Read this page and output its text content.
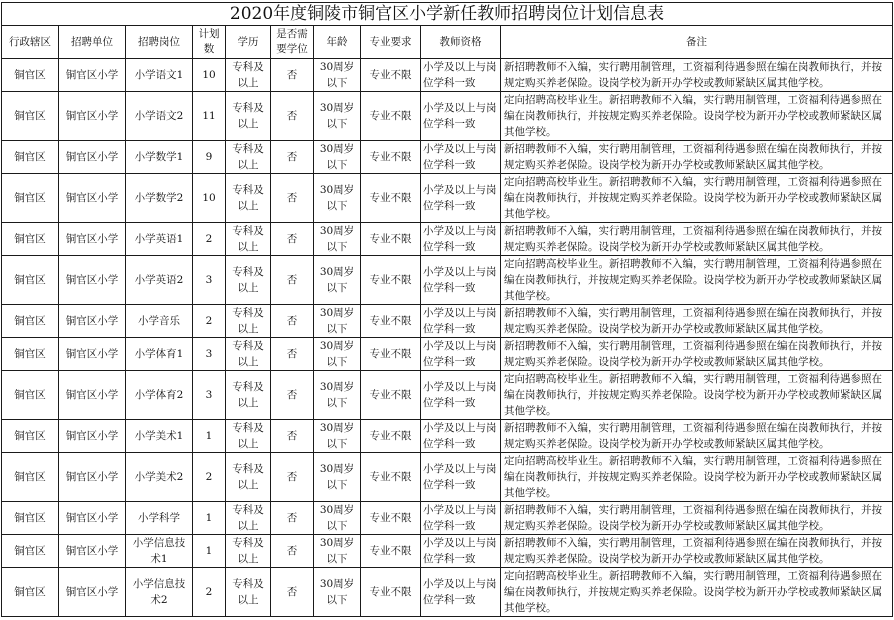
2020年度铜陵市铜官区小学新任教师招聘岗位计划信息表									
行政辖区	招聘单位	招聘岗位	计划数	学历	是否需要学位	年龄	专业要求	教师资格	备注
铜官区	铜官区小学	小学语文1	10	专科及以上	否	30周岁以下	专业不限	小学及以上与岗位学科一致	新招聘教师不入编，实行聘用制管理，工资福利待遇参照在编在岗教师执行，并按规定购买养老保险。设岗学校为新开办学校或教师紧缺区属其他学校。
铜官区	铜官区小学	小学语文2	11	专科及以上	否	30周岁以下	专业不限	小学及以上与岗位学科一致	定向招聘高校毕业生。新招聘教师不入编，实行聘用制管理，工资福利待遇参照在编在岗教师执行，并按规定购买养老保险。设岗学校为新开办学校或教师紧缺区属其他学校。
铜官区	铜官区小学	小学数学1	9	专科及以上	否	30周岁以下	专业不限	小学及以上与岗位学科一致	新招聘教师不入编，实行聘用制管理，工资福利待遇参照在编在岗教师执行，并按规定购买养老保险。设岗学校为新开办学校或教师紧缺区属其他学校。
铜官区	铜官区小学	小学数学2	10	专科及以上	否	30周岁以下	专业不限	小学及以上与岗位学科一致	定向招聘高校毕业生。新招聘教师不入编，实行聘用制管理，工资福利待遇参照在编在岗教师执行，并按规定购买养老保险。设岗学校为新开办学校或教师紧缺区属其他学校。
铜官区	铜官区小学	小学英语1	2	专科及以上	否	30周岁以下	专业不限	小学及以上与岗位学科一致	新招聘教师不入编，实行聘用制管理，工资福利待遇参照在编在岗教师执行，并按规定购买养老保险。设岗学校为新开办学校或教师紧缺区属其他学校。
铜官区	铜官区小学	小学英语2	3	专科及以上	否	30周岁以下	专业不限	小学及以上与岗位学科一致	定向招聘高校毕业生。新招聘教师不入编，实行聘用制管理，工资福利待遇参照在编在岗教师执行，并按规定购买养老保险。设岗学校为新开办学校或教师紧缺区属其他学校。
铜官区	铜官区小学	小学音乐	2	专科及以上	否	30周岁以下	专业不限	小学及以上与岗位学科一致	新招聘教师不入编，实行聘用制管理，工资福利待遇参照在编在岗教师执行，并按规定购买养老保险。设岗学校为新开办学校或教师紧缺区属其他学校。
铜官区	铜官区小学	小学体育1	3	专科及以上	否	30周岁以下	专业不限	小学及以上与岗位学科一致	新招聘教师不入编，实行聘用制管理，工资福利待遇参照在编在岗教师执行，并按规定购买养老保险。设岗学校为新开办学校或教师紧缺区属其他学校。
铜官区	铜官区小学	小学体育2	3	专科及以上	否	30周岁以下	专业不限	小学及以上与岗位学科一致	定向招聘高校毕业生。新招聘教师不入编，实行聘用制管理，工资福利待遇参照在编在岗教师执行，并按规定购买养老保险。设岗学校为新开办学校或教师紧缺区属其他学校。
铜官区	铜官区小学	小学美术1	1	专科及以上	否	30周岁以下	专业不限	小学及以上与岗位学科一致	新招聘教师不入编，实行聘用制管理，工资福利待遇参照在编在岗教师执行，并按规定购买养老保险。设岗学校为新开办学校或教师紧缺区属其他学校。
铜官区	铜官区小学	小学美术2	2	专科及以上	否	30周岁以下	专业不限	小学及以上与岗位学科一致	定向招聘高校毕业生。新招聘教师不入编，实行聘用制管理，工资福利待遇参照在编在岗教师执行，并按规定购买养老保险。设岗学校为新开办学校或教师紧缺区属其他学校。
铜官区	铜官区小学	小学科学	1	专科及以上	否	30周岁以下	专业不限	小学及以上与岗位学科一致	新招聘教师不入编，实行聘用制管理，工资福利待遇参照在编在岗教师执行，并按规定购买养老保险。设岗学校为新开办学校或教师紧缺区属其他学校。
铜官区	铜官区小学	小学信息技术1	1	专科及以上	否	30周岁以下	专业不限	小学及以上与岗位学科一致	新招聘教师不入编，实行聘用制管理，工资福利待遇参照在编在岗教师执行，并按规定购买养老保险。设岗学校为新开办学校或教师紧缺区属其他学校。
铜官区	铜官区小学	小学信息技术2	2	专科及以上	否	30周岁以下	专业不限	小学及以上与岗位学科一致	定向招聘高校毕业生。新招聘教师不入编，实行聘用制管理，工资福利待遇参照在编在岗教师执行，并按规定购买养老保险。设岗学校为新开办学校或教师紧缺区属其他学校。
